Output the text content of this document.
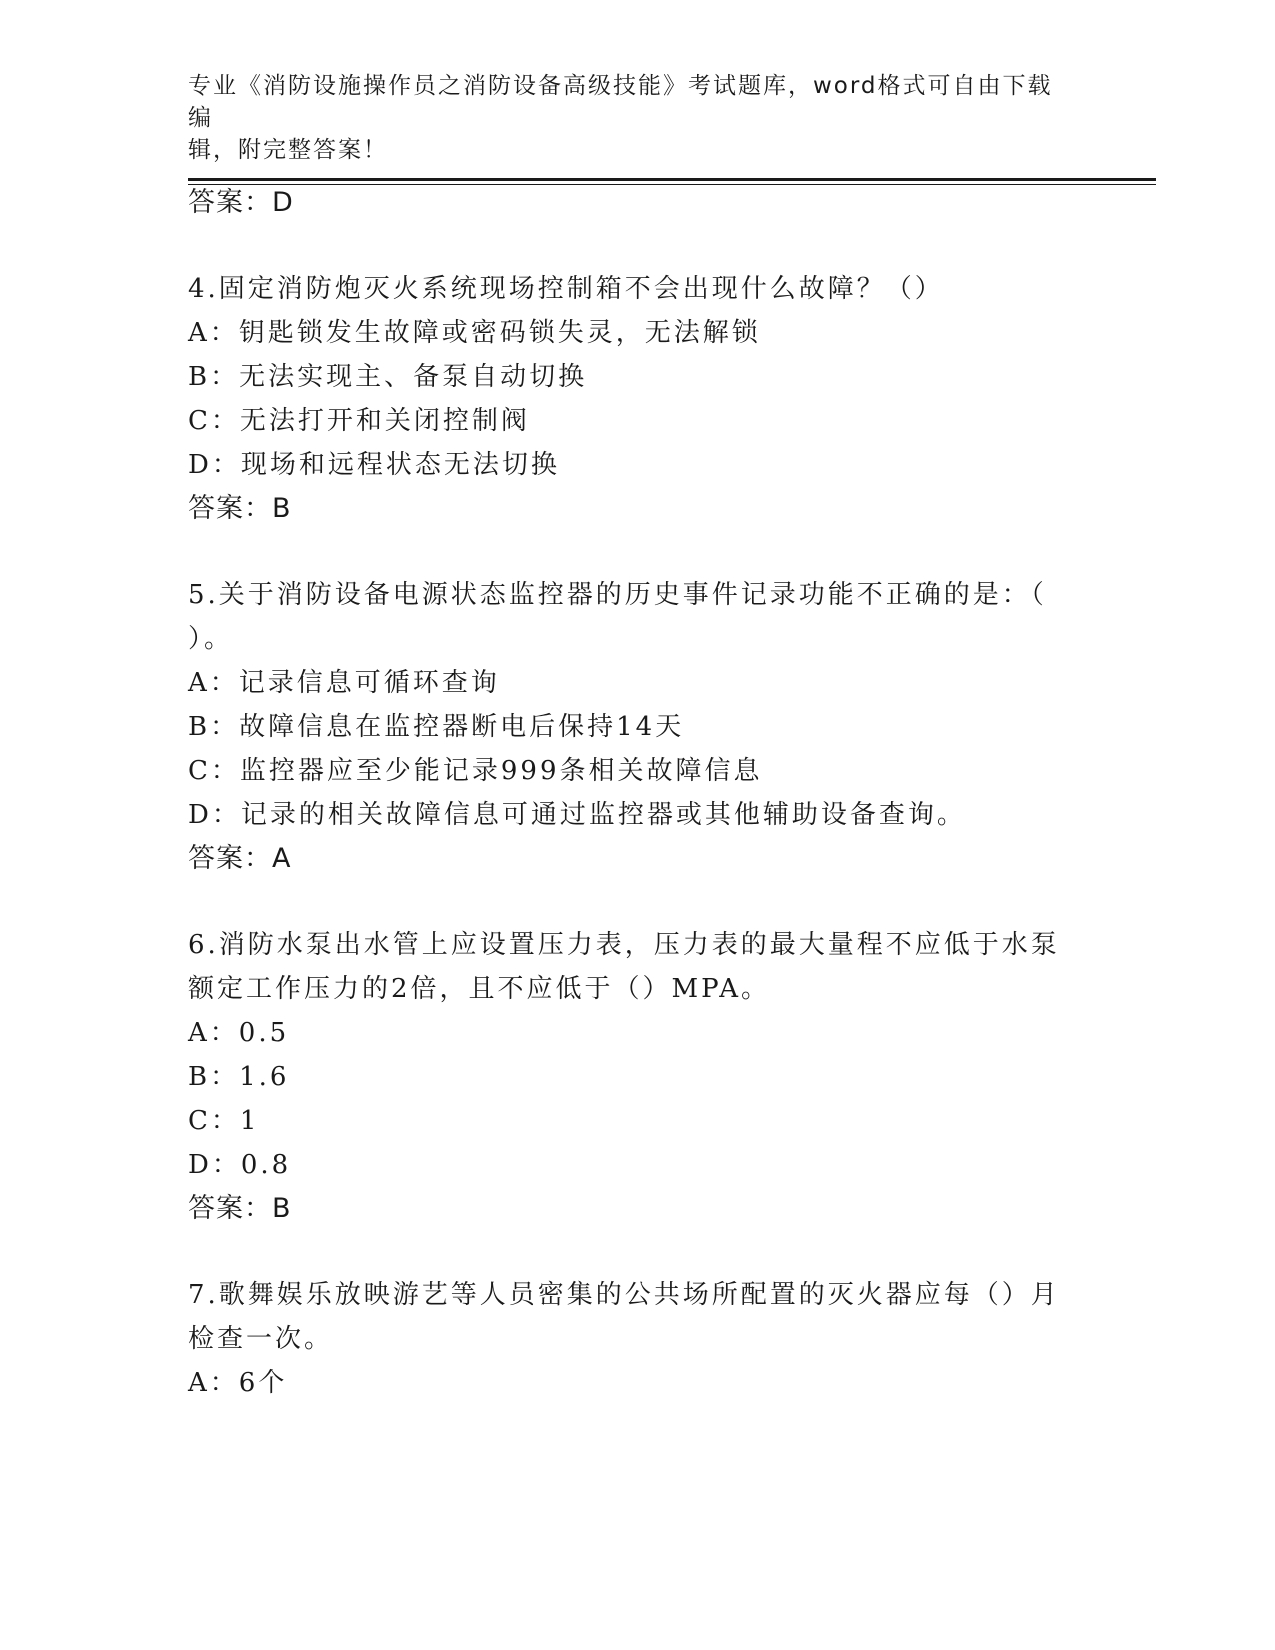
专业《消防设施操作员之消防设备高级技能》考试题库，word格式可自由下载编
辑，附完整答案！
答案：D
4.固定消防炮灭火系统现场控制箱不会出现什么故障？（）
A：钥匙锁发生故障或密码锁失灵，无法解锁
B：无法实现主、备泵自动切换
C：无法打开和关闭控制阀
D：现场和远程状态无法切换
答案：B
5.关于消防设备电源状态监控器的历史事件记录功能不正确的是：（
）。
A：记录信息可循环查询
B：故障信息在监控器断电后保持14天
C：监控器应至少能记录999条相关故障信息
D：记录的相关故障信息可通过监控器或其他辅助设备查询。
答案：A
6.消防水泵出水管上应设置压力表，压力表的最大量程不应低于水泵
额定工作压力的2倍，且不应低于（）MPA。
A：0.5
B：1.6
C：1
D：0.8
答案：B
7.歌舞娱乐放映游艺等人员密集的公共场所配置的灭火器应每（）月
检查一次。
A：6个
